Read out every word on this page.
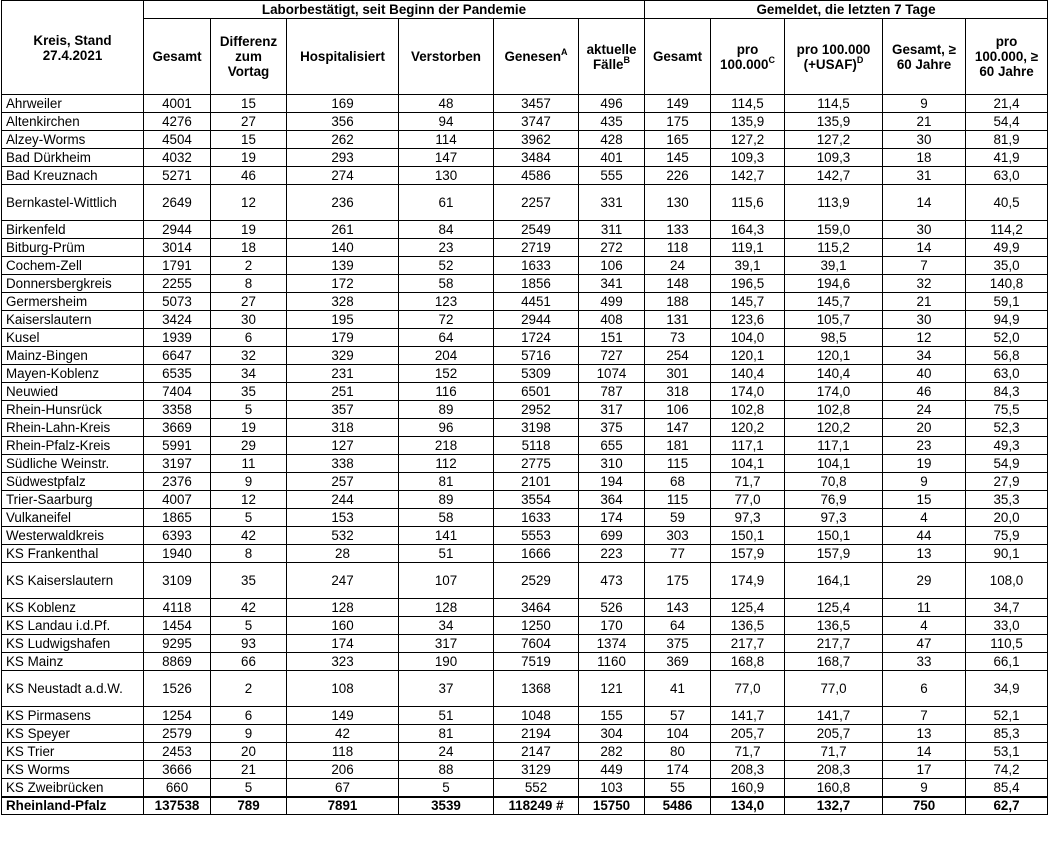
Kreis, Stand 27.4.2021	Laborbestätigt, seit Beginn der Pandemie						Gemeldet, die letzten 7 Tage				
	Gesamt	Differenz zum Vortag	Hospitalisiert	Verstorben	Genesen$^A$	aktuelle Fälle$^B$	Gesamt	pro $100.000^C$	pro 100.000 (+USAF)$^D$	Gesamt, ≥ 60 Jahre	pro 100.000, ≥ 60 Jahre
Ahrweiler	4001	15	169	48	3457	496	149	114,5	114,5	9	21,4
Altenkirchen	4276	27	356	94	3747	435	175	135,9	135,9	21	54,4
Alzey-Worms	4504	15	262	114	3962	428	165	127,2	127,2	30	81,9
Bad Dürkheim	4032	19	293	147	3484	401	145	109,3	109,3	18	41,9
Bad Kreuznach	5271	46	274	130	4586	555	226	142,7	142,7	31	63,0
Bernkastel-Wittlich	2649	12	236	61	2257	331	130	115,6	113,9	14	40,5
Birkenfeld	2944	19	261	84	2549	311	133	164,3	159,0	30	114,2
Bitburg-Prüm	3014	18	140	23	2719	272	118	119,1	115,2	14	49,9
Cochem-Zell	1791	2	139	52	1633	106	24	39,1	39,1	7	35,0
Donnersbergkreis	2255	8	172	58	1856	341	148	196,5	194,6	32	140,8
Germersheim	5073	27	328	123	4451	499	188	145,7	145,7	21	59,1
Kaiserslautern	3424	30	195	72	2944	408	131	123,6	105,7	30	94,9
Kusel	1939	6	179	64	1724	151	73	104,0	98,5	12	52,0
Mainz-Bingen	6647	32	329	204	5716	727	254	120,1	120,1	34	56,8
Mayen-Koblenz	6535	34	231	152	5309	1074	301	140,4	140,4	40	63,0
Neuwied	7404	35	251	116	6501	787	318	174,0	174,0	46	84,3
Rhein-Hunsrück	3358	5	357	89	2952	317	106	102,8	102,8	24	75,5
Rhein-Lahn-Kreis	3669	19	318	96	3198	375	147	120,2	120,2	20	52,3
Rhein-Pfalz-Kreis	5991	29	127	218	5118	655	181	117,1	117,1	23	49,3
Südliche Weinstr.	3197	11	338	112	2775	310	115	104,1	104,1	19	54,9
Südwestpfalz	2376	9	257	81	2101	194	68	71,7	70,8	9	27,9
Trier-Saarburg	4007	12	244	89	3554	364	115	77,0	76,9	15	35,3
Vulkaneifel	1865	5	153	58	1633	174	59	97,3	97,3	4	20,0
Westerwaldkreis	6393	42	532	141	5553	699	303	150,1	150,1	44	75,9
KS Frankenthal	1940	8	28	51	1666	223	77	157,9	157,9	13	90,1
KS Kaiserslautern	3109	35	247	107	2529	473	175	174,9	164,1	29	108,0
KS Koblenz	4118	42	128	128	3464	526	143	125,4	125,4	11	34,7
KS Landau i.d.Pf.	1454	5	160	34	1250	170	64	136,5	136,5	4	33,0
KS Ludwigshafen	9295	93	174	317	7604	1374	375	217,7	217,7	47	110,5
KS Mainz	8869	66	323	190	7519	1160	369	168,8	168,7	33	66,1
KS Neustadt a.d.W.	1526	2	108	37	1368	121	41	77,0	77,0	6	34,9
KS Pirmasens	1254	6	149	51	1048	155	57	141,7	141,7	7	52,1
KS Speyer	2579	9	42	81	2194	304	104	205,7	205,7	13	85,3
KS Trier	2453	20	118	24	2147	282	80	71,7	71,7	14	53,1
KS Worms	3666	21	206	88	3129	449	174	208,3	208,3	17	74,2
KS Zweibrücken	660	5	67	5	552	103	55	160,9	160,8	9	85,4
Rheinland-Pfalz	137538	789	7891	3539	118249 #	15750	5486	134,0	132,7	750	62,7
